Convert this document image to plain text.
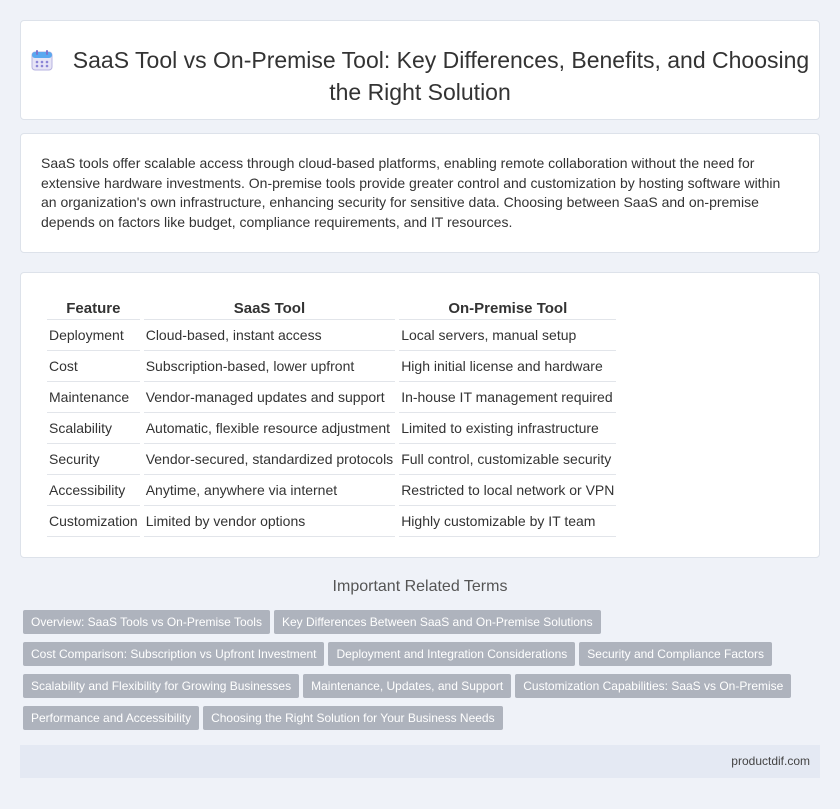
SaaS Tool vs On-Premise Tool: Key Differences, Benefits, and Choosing the Right Solution

SaaS tools offer scalable access through cloud-based platforms, enabling remote collaboration without the need for extensive hardware investments. On-premise tools provide greater control and customization by hosting software within an organization's own infrastructure, enhancing security for sensitive data. Choosing between SaaS and on-premise depends on factors like budget, compliance requirements, and IT resources.

Feature	SaaS Tool	On-Premise Tool
Deployment	Cloud-based, instant access	Local servers, manual setup
Cost	Subscription-based, lower upfront	High initial license and hardware
Maintenance	Vendor-managed updates and support	In-house IT management required
Scalability	Automatic, flexible resource adjustment	Limited to existing infrastructure
Security	Vendor-secured, standardized protocols	Full control, customizable security
Accessibility	Anytime, anywhere via internet	Restricted to local network or VPN
Customization	Limited by vendor options	Highly customizable by IT team
Important Related Terms
Overview: SaaS Tools vs On-Premise Tools Key Differences Between SaaS and On-Premise SolutionsCost Comparison: Subscription vs Upfront Investment Deployment and Integration Considerations Security and Compliance FactorsScalability and Flexibility for Growing Businesses Maintenance, Updates, and Support Customization Capabilities: SaaS vs On-PremisePerformance and Accessibility Choosing the Right Solution for Your Business Needs
productdif.com
